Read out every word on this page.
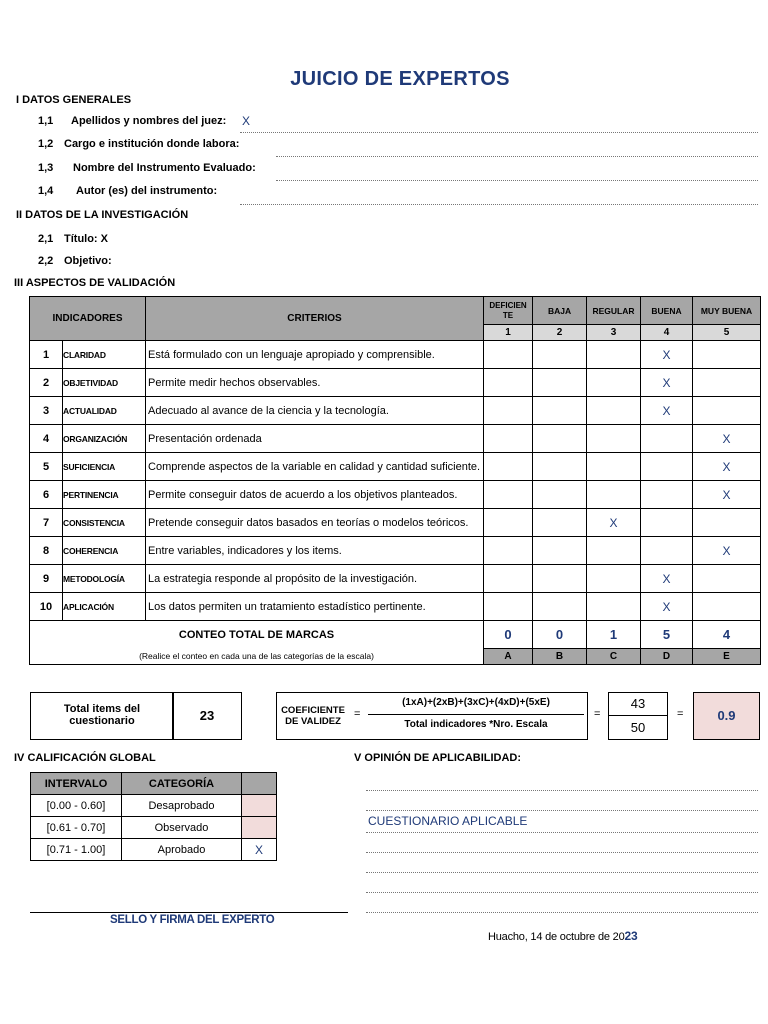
JUICIO DE EXPERTOS
I DATOS GENERALES
1,1 Apellidos y nombres del juez: X
1,2 Cargo e institución donde labora:
1,3 Nombre del Instrumento Evaluado:
1,4 Autor (es) del instrumento:
II DATOS DE LA INVESTIGACIÓN
2,1 Título: X
2,2 Objetivo:
III ASPECTOS DE VALIDACIÓN
INDICADORES		CRITERIOS	DEFICIENTE	BAJA	REGULAR	BUENA	MUY BUENA
			1	2	3	4	5
1	CLARIDAD	Está formulado con un lenguaje apropiado y comprensible.				X	
2	OBJETIVIDAD	Permite medir hechos observables.				X	
3	ACTUALIDAD	Adecuado al avance de la ciencia y la tecnología.				X	
4	ORGANIZACIÓN	Presentación ordenada					X
5	SUFICIENCIA	Comprende aspectos de la variable en calidad y cantidad suficiente.					X
6	PERTINENCIA	Permite conseguir datos de acuerdo a los objetivos planteados.					X
7	CONSISTENCIA	Pretende conseguir datos basados en teorías o modelos teóricos.			X		
8	COHERENCIA	Entre variables, indicadores y los items.					X
9	METODOLOGÍA	La estrategia responde al propósito de la investigación.				X	
10	APLICACIÓN	Los datos permiten un tratamiento estadístico pertinente.				X	
CONTEO TOTAL DE MARCAS			0	0	1	5	4
(Realice el conteo en cada una de las categorías de la escala)			A	B	C	D	E
Total items del cuestionario	23	COEFICIENTE DE VALIDEZ
=
(1xA)+(2xB)+(3xC)+(4xD)+(5xE)
Total indicadores *Nro. Escala
=
43
50
=	0.9
IV CALIFICACIÓN GLOBAL
INTERVALO	CATEGORÍA	
[0.00 - 0.60]	Desaprobado	
[0.61 - 0.70]	Observado	
[0.71 - 1.00]	Aprobado	X
V OPINIÓN DE APLICABILIDAD:
CUESTIONARIO APLICABLE
SELLO Y FIRMA DEL EXPERTO
Huacho, 14 de octubre de 2023
